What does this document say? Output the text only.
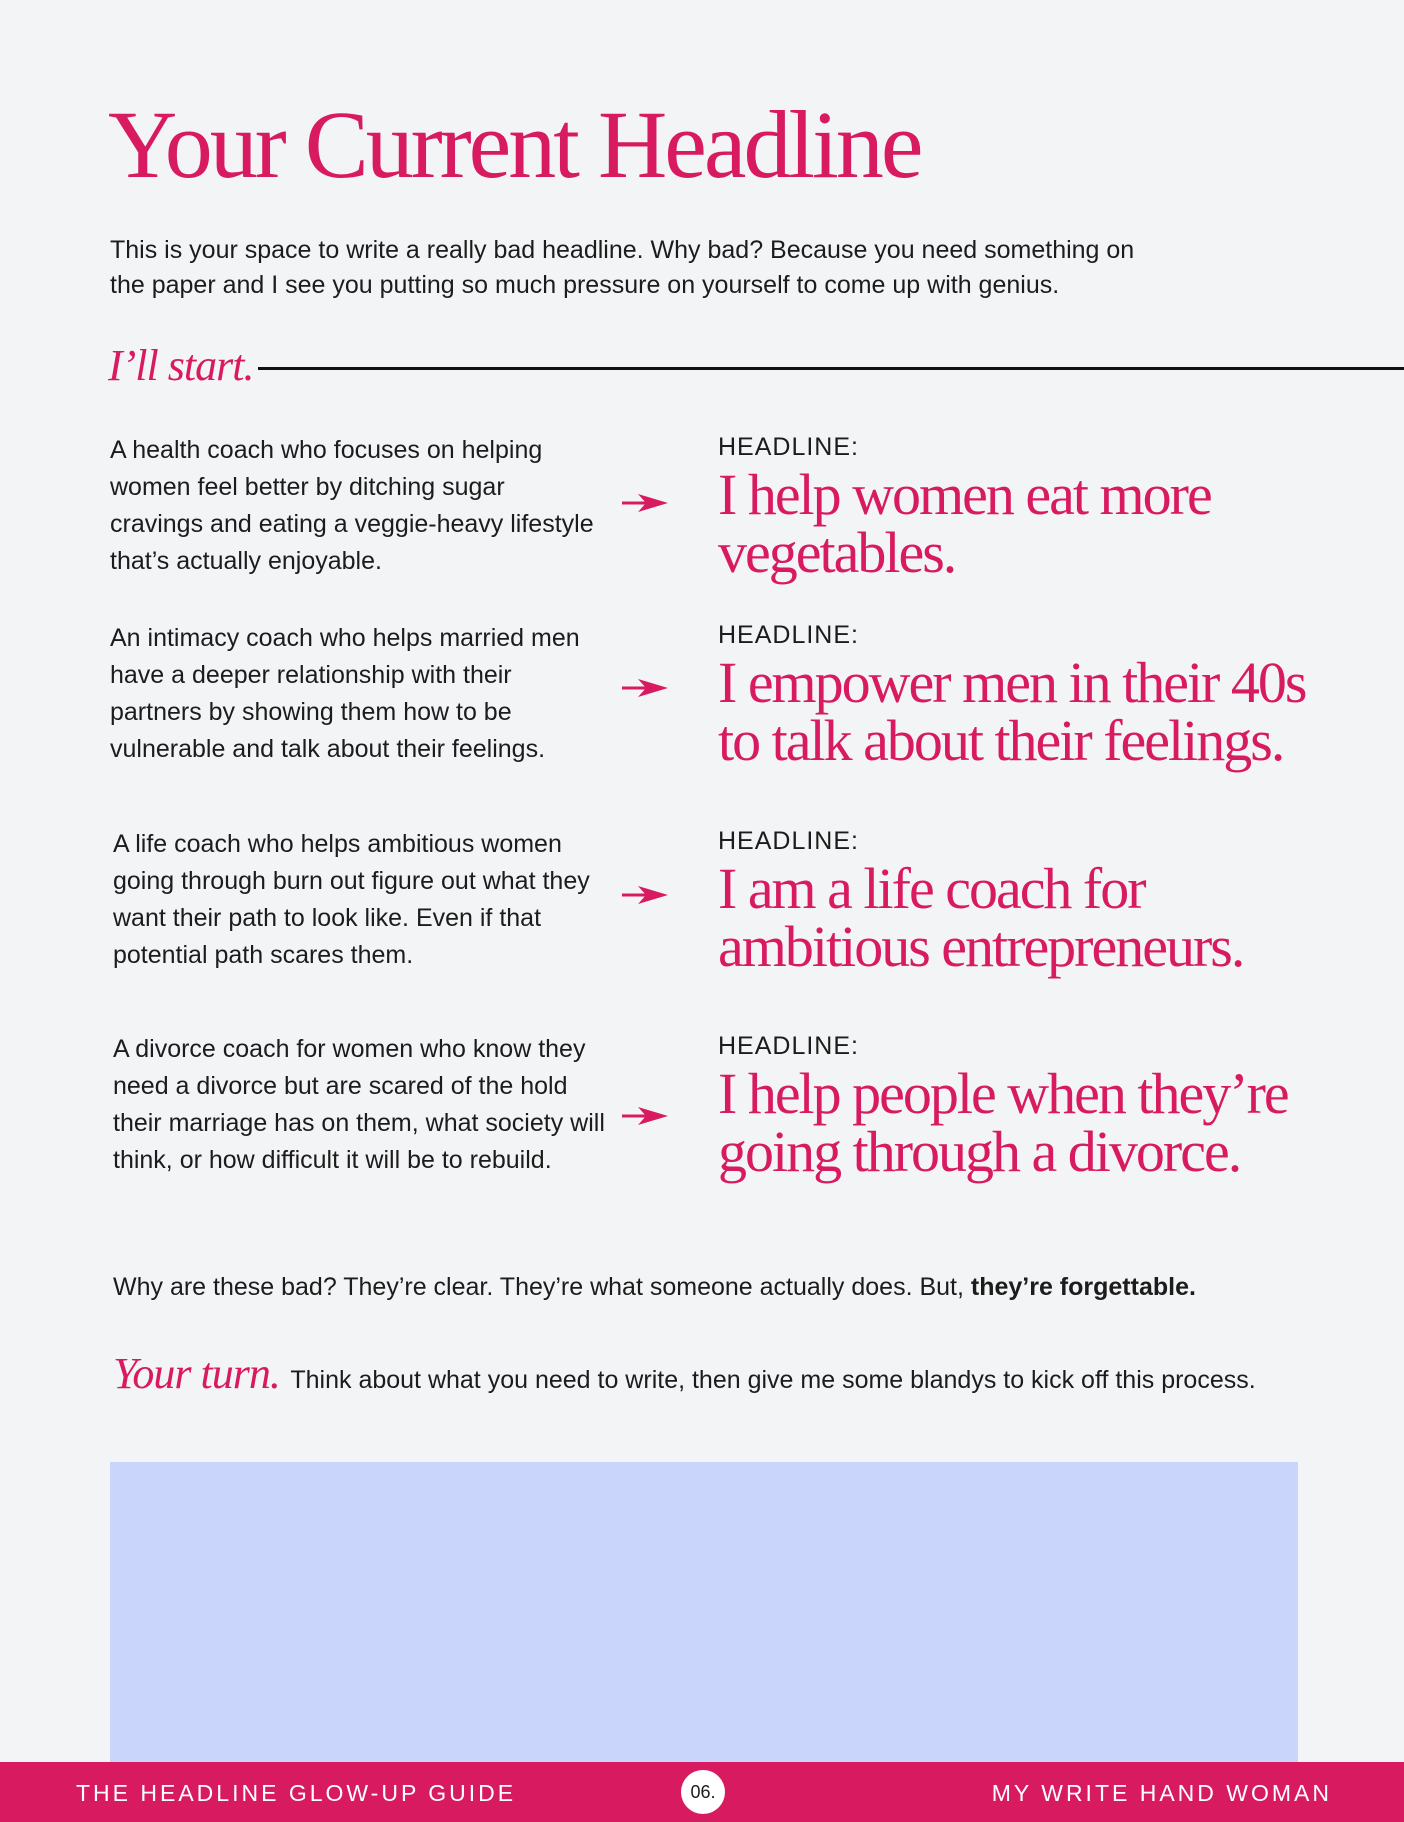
Your Current Headline

This is your space to write a really bad headline. Why bad? Because you need something on the paper and I see you putting so much pressure on yourself to come up with genius.

I’ll start.

A health coach who focuses on helping women feel better by ditching sugar cravings and eating a veggie-heavy lifestyle that’s actually enjoyable.

HEADLINE:
I help women eat more vegetables.

An intimacy coach who helps married men have a deeper relationship with their partners by showing them how to be vulnerable and talk about their feelings.

HEADLINE:
I empower men in their 40s to talk about their feelings.

A life coach who helps ambitious women going through burn out figure out what they want their path to look like. Even if that potential path scares them.

HEADLINE:
I am a life coach for ambitious entrepreneurs.

A divorce coach for women who know they need a divorce but are scared of the hold their marriage has on them, what society will think, or how difficult it will be to rebuild.

HEADLINE:
I help people when they’re going through a divorce.

Why are these bad? They’re clear. They’re what someone actually does. But, they’re forgettable.

Your turn. Think about what you need to write, then give me some blandys to kick off this process.

THE HEADLINE GLOW-UP GUIDE	06.	MY WRITE HAND WOMAN
